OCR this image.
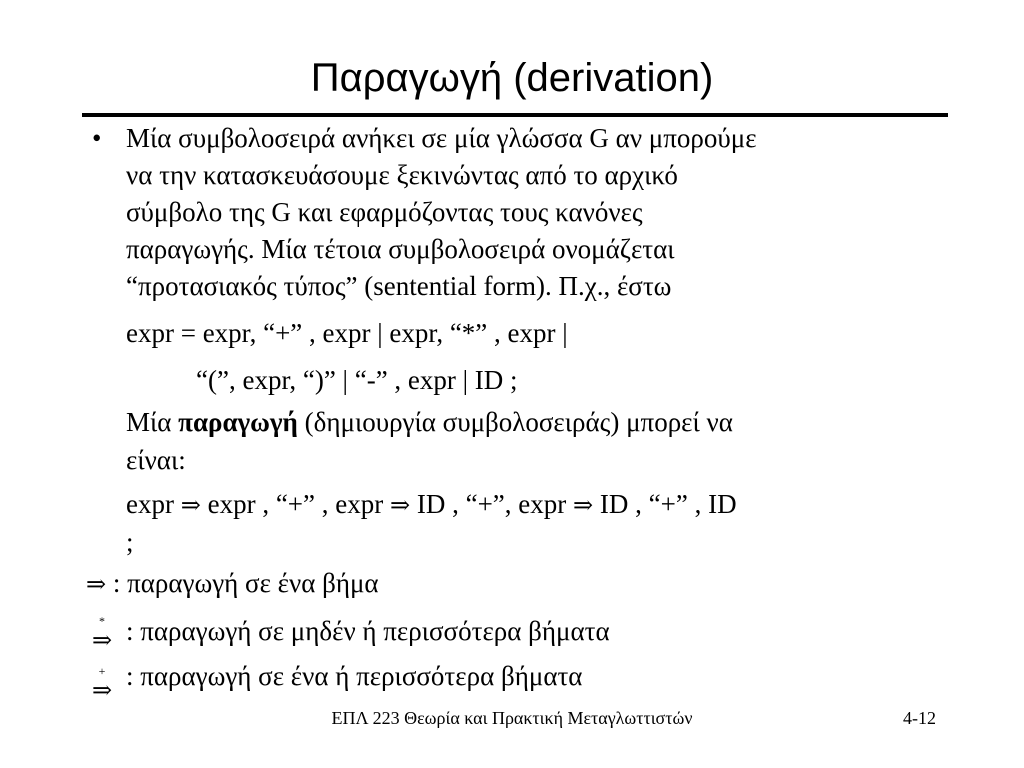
Παραγωγή (derivation)
• Μία συμβολοσειρά ανήκει σε μία γλώσσα G αν μπορούμε
να την κατασκευάσουμε ξεκινώντας από το αρχικό
σύμβολο της G και εφαρμόζοντας τους κανόνες
παραγωγής. Μία τέτοια συμβολοσειρά ονομάζεται
“προτασιακός τύπος” (sentential form). Π.χ., έστω
expr = expr, “+” , expr | expr, “*” , expr |
“(”, expr, “)” | “-” , expr | ID ;
Μία παραγωγή (δημιουργία συμβολοσειράς) μπορεί να
είναι:
expr ⇒ expr , “+” , expr ⇒ ID , “+”, expr ⇒ ID , “+” , ID
;
⇒ : παραγωγή σε ένα βήμα
*
⇒ : παραγωγή σε μηδέν ή περισσότερα βήματα
+
⇒ : παραγωγή σε ένα ή περισσότερα βήματα
ΕΠΛ 223 Θεωρία και Πρακτική Μεταγλωττιστών	4-12
